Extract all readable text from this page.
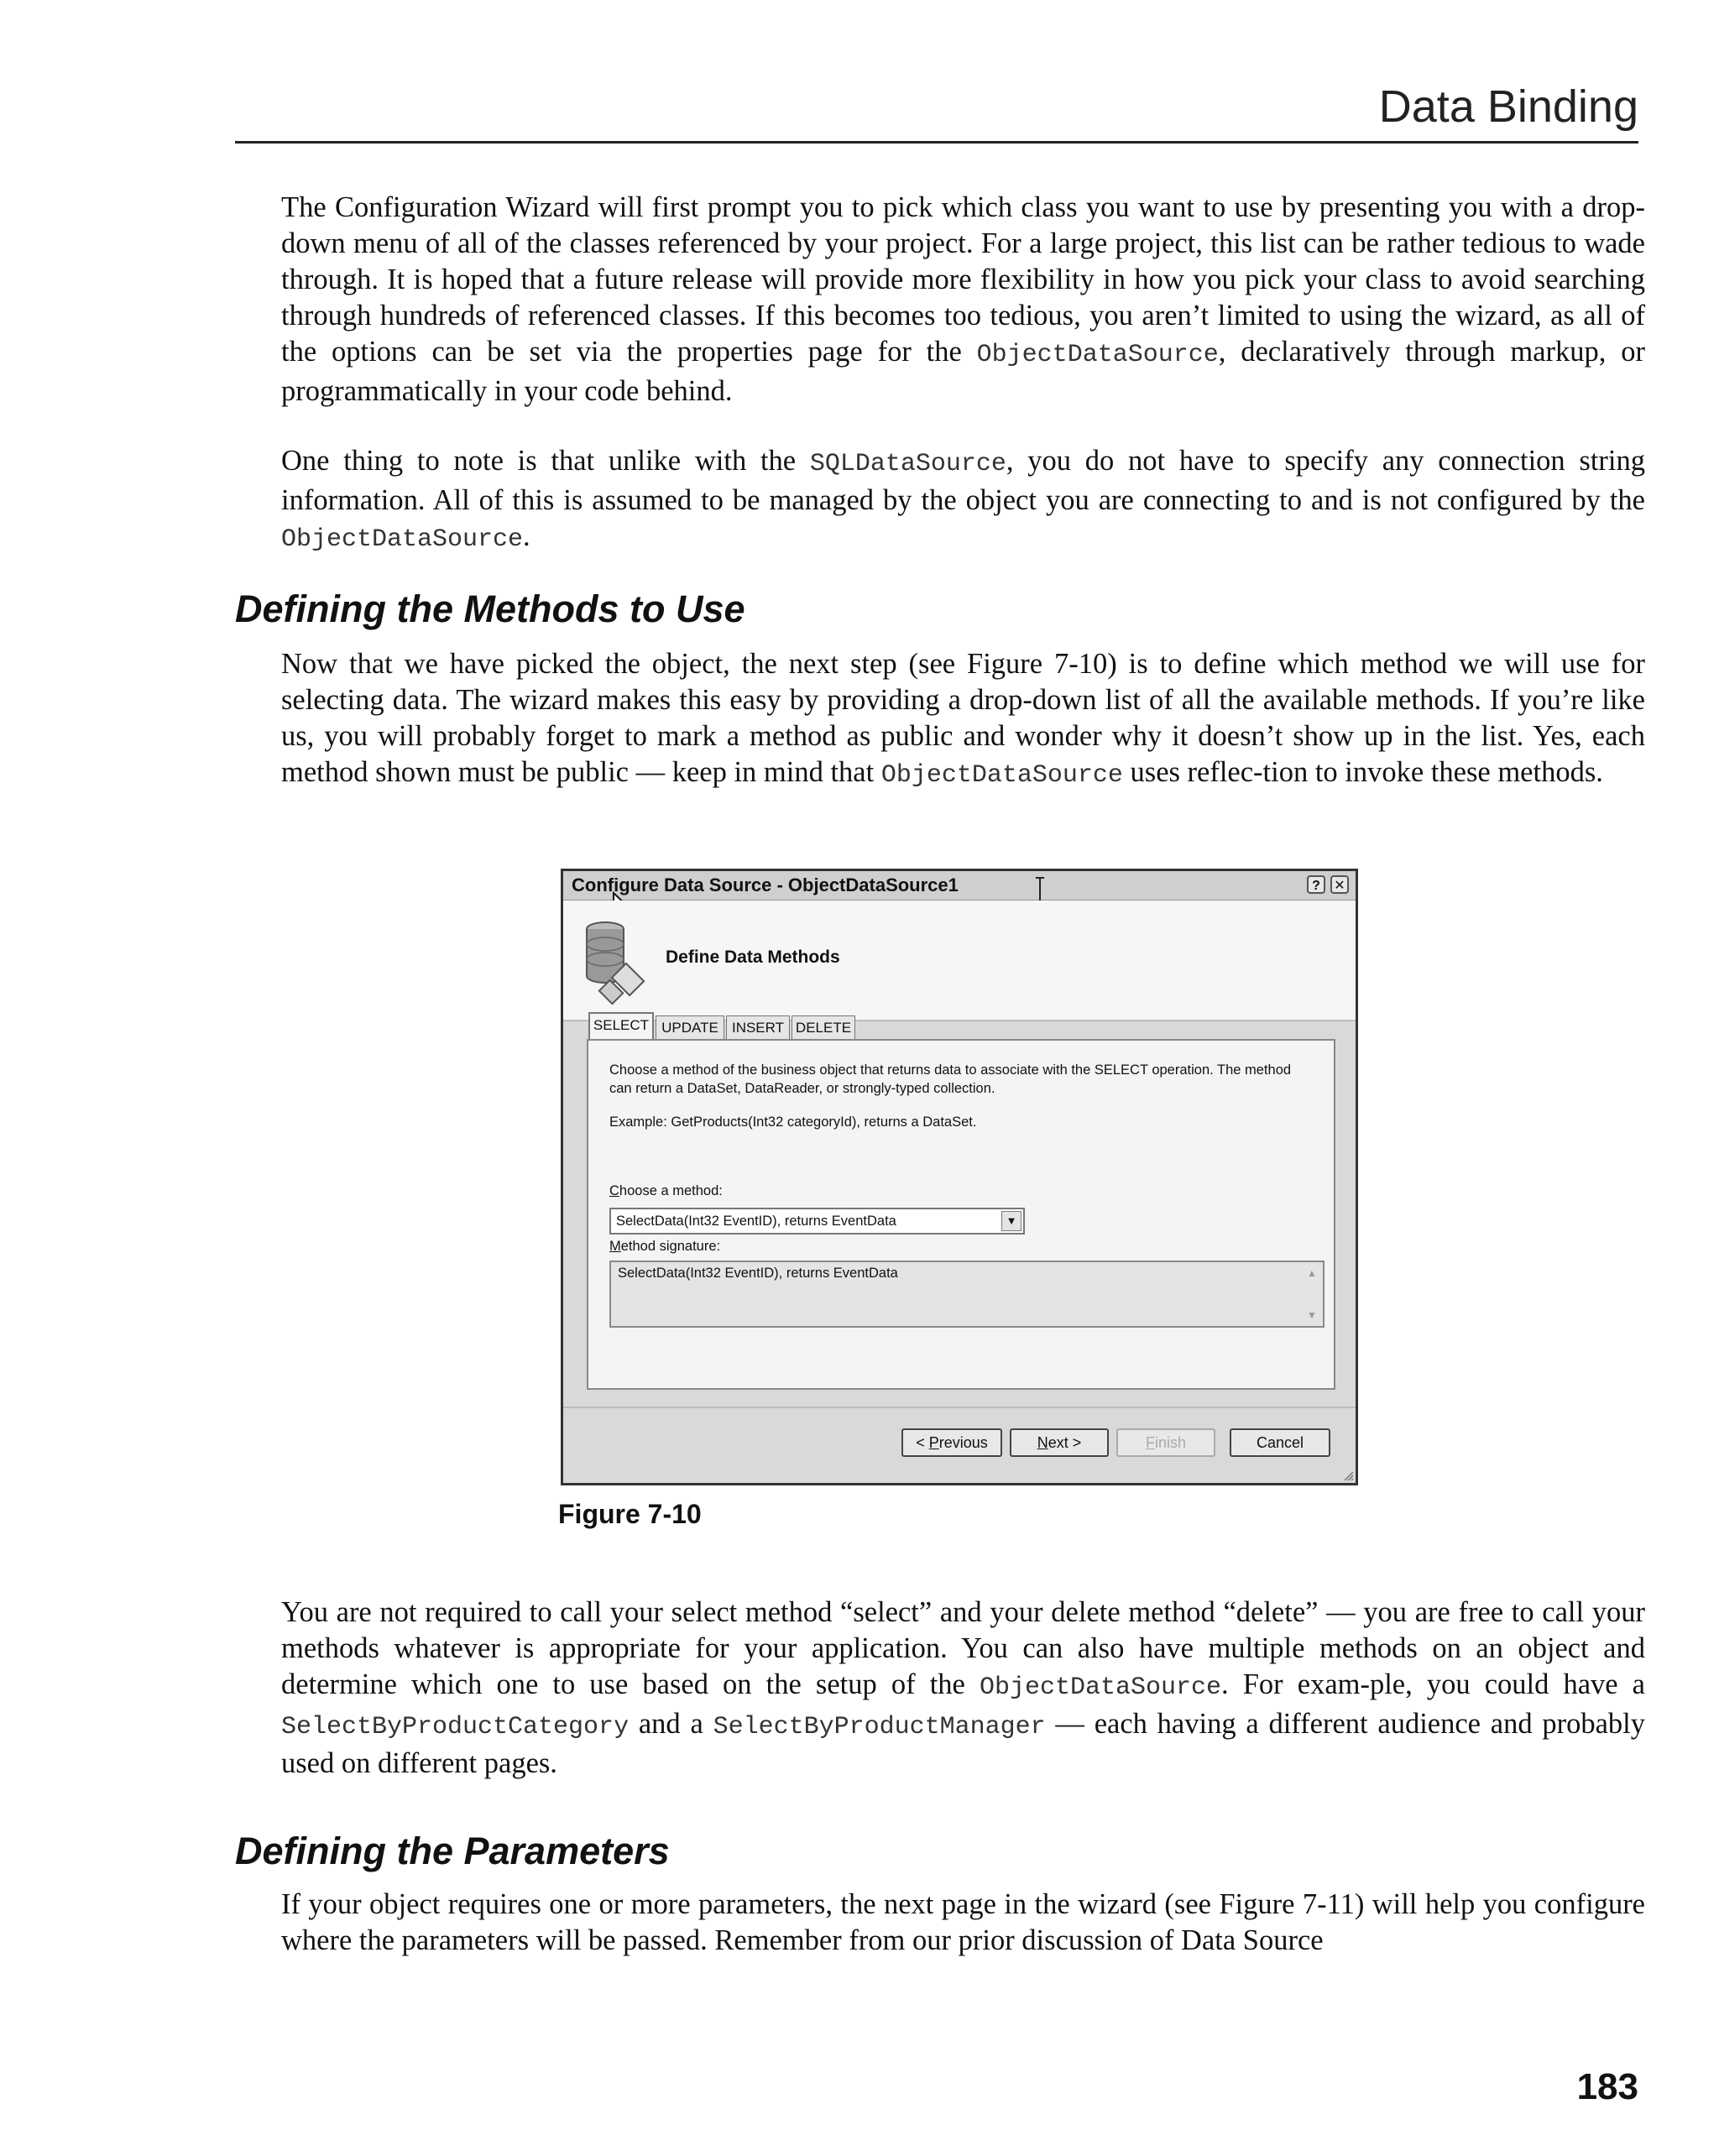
Data Binding

The Configuration Wizard will first prompt you to pick which class you want to use by presenting you with a drop-down menu of all of the classes referenced by your project. For a large project, this list can be rather tedious to wade through. It is hoped that a future release will provide more flexibility in how you pick your class to avoid searching through hundreds of referenced classes. If this becomes too tedious, you aren’t limited to using the wizard, as all of the options can be set via the properties page for the ObjectDataSource, declaratively through markup, or programmatically in your code behind.

One thing to note is that unlike with the SQLDataSource, you do not have to specify any connection string information. All of this is assumed to be managed by the object you are connecting to and is not configured by the ObjectDataSource.

Defining the Methods to Use

Now that we have picked the object, the next step (see Figure 7-10) is to define which method we will use for selecting data. The wizard makes this easy by providing a drop-down list of all the available methods. If you’re like us, you will probably forget to mark a method as public and wonder why it doesn’t show up in the list. Yes, each method shown must be public — keep in mind that ObjectDataSource uses reflec-tion to invoke these methods.

Configure Data Source - ObjectDataSource1	?	✕
Define Data Methods
SELECT UPDATE INSERT DELETE
Choose a method of the business object that returns data to associate with the SELECT operation. The method can return a DataSet, DataReader, or strongly-typed collection.
Example: GetProducts(Int32 categoryId), returns a DataSet.
Choose a method:
SelectData(Int32 EventID), returns EventData	▼
Method signature:
SelectData(Int32 EventID), returns EventData	▲
▼
< Previous	Next >	Finish	Cancel
Figure 7-10

You are not required to call your select method “select” and your delete method “delete” — you are free to call your methods whatever is appropriate for your application. You can also have multiple methods on an object and determine which one to use based on the setup of the ObjectDataSource. For exam-ple, you could have a SelectByProductCategory and a SelectByProductManager — each having a different audience and probably used on different pages.

Defining the Parameters

If your object requires one or more parameters, the next page in the wizard (see Figure 7-11) will help you configure where the parameters will be passed. Remember from our prior discussion of Data Source

183
